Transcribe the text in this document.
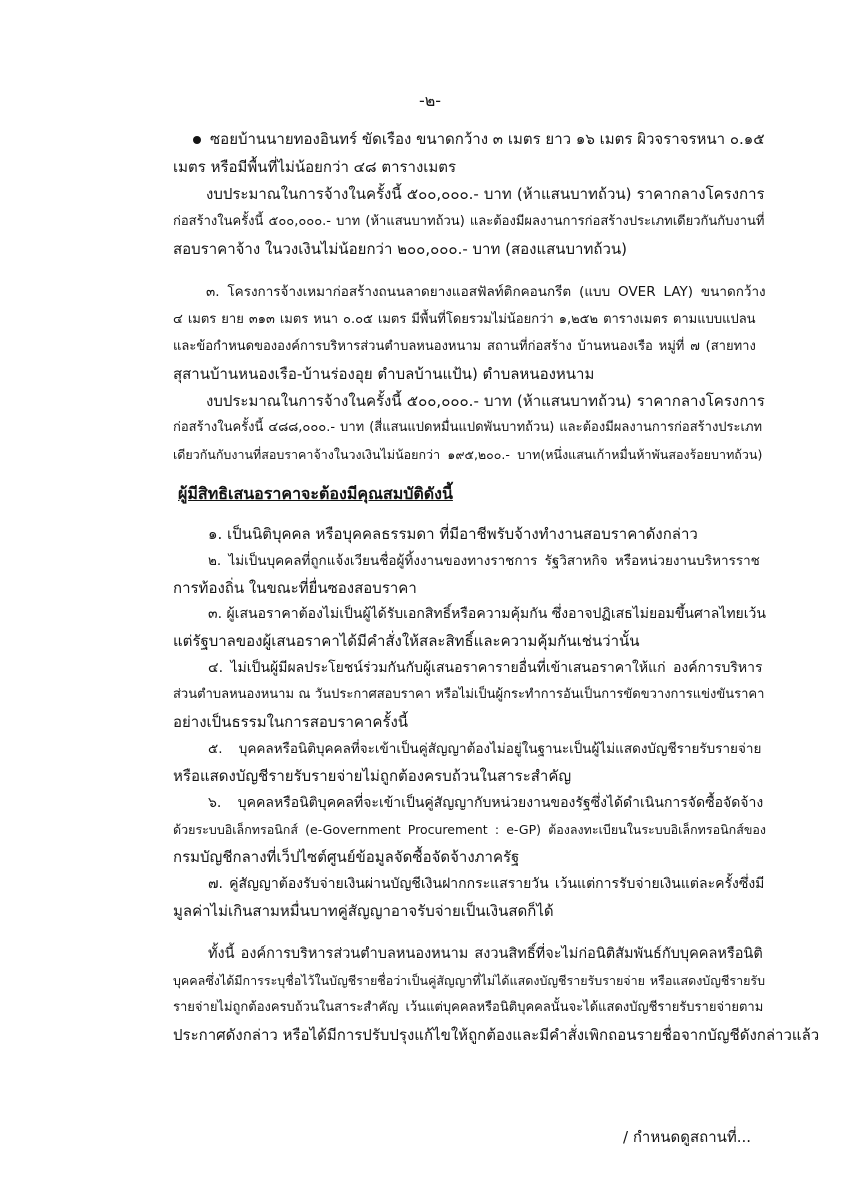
-๒-
ซอยบ้านนายทองอินทร์ ขัดเรือง ขนาดกว้าง ๓ เมตร ยาว ๑๖ เมตร ผิวจราจรหนา ๐.๑๕
เมตร หรือมีพื้นที่ไม่น้อยกว่า ๔๘ ตารางเมตร
งบประมาณในการจ้างในครั้งนี้ ๕๐๐,๐๐๐.- บาท (ห้าแสนบาทถ้วน) ราคากลางโครงการ
ก่อสร้างในครั้งนี้ ๕๐๐,๐๐๐.- บาท (ห้าแสนบาทถ้วน) และต้องมีผลงานการก่อสร้างประเภทเดียวกันกับงานที่
สอบราคาจ้าง ในวงเงินไม่น้อยกว่า ๒๐๐,๐๐๐.- บาท (สองแสนบาทถ้วน)
๓. โครงการจ้างเหมาก่อสร้างถนนลาดยางแอสฟัลท์ติกคอนกรีต (แบบ OVER LAY) ขนาดกว้าง
๔ เมตร ยาย ๓๑๓ เมตร หนา ๐.๐๕ เมตร มีพื้นที่โดยรวมไม่น้อยกว่า ๑,๒๕๒ ตารางเมตร ตามแบบแปลน
และข้อกำหนดขององค์การบริหารส่วนตำบลหนองหนาม สถานที่ก่อสร้าง บ้านหนองเรือ หมู่ที่ ๗ (สายทาง
สุสานบ้านหนองเรือ-บ้านร่องอุย ตำบลบ้านแป้น) ตำบลหนองหนาม
งบประมาณในการจ้างในครั้งนี้ ๕๐๐,๐๐๐.- บาท (ห้าแสนบาทถ้วน) ราคากลางโครงการ
ก่อสร้างในครั้งนี้ ๔๘๘,๐๐๐.- บาท (สี่แสนแปดหมื่นแปดพันบาทถ้วน) และต้องมีผลงานการก่อสร้างประเภท
เดียวกันกับงานที่สอบราคาจ้างในวงเงินไม่น้อยกว่า ๑๙๕,๒๐๐.- บาท(หนึ่งแสนเก้าหมื่นห้าพันสองร้อยบาทถ้วน)
ผู้มีสิทธิเสนอราคาจะต้องมีคุณสมบัติดังนี้
๑. เป็นนิติบุคคล หรือบุคคลธรรมดา ที่มีอาชีพรับจ้างทำงานสอบราคาดังกล่าว
๒. ไม่เป็นบุคคลที่ถูกแจ้งเวียนชื่อผู้ทิ้งงานของทางราชการ รัฐวิสาหกิจ หรือหน่วยงานบริหารราช
การท้องถิ่น ในขณะที่ยื่นซองสอบราคา
๓. ผู้เสนอราคาต้องไม่เป็นผู้ได้รับเอกสิทธิ์หรือความคุ้มกัน ซึ่งอาจปฏิเสธไม่ยอมขึ้นศาลไทยเว้น
แต่รัฐบาลของผู้เสนอราคาได้มีคำสั่งให้สละสิทธิ์และความคุ้มกันเช่นว่านั้น
๔. ไม่เป็นผู้มีผลประโยชน์ร่วมกันกับผู้เสนอราคารายอื่นที่เข้าเสนอราคาให้แก่ องค์การบริหาร
ส่วนตำบลหนองหนาม ณ วันประกาศสอบราคา หรือไม่เป็นผู้กระทำการอันเป็นการขัดขวางการแข่งขันราคา
อย่างเป็นธรรมในการสอบราคาครั้งนี้
๕. บุคคลหรือนิติบุคคลที่จะเข้าเป็นคู่สัญญาต้องไม่อยู่ในฐานะเป็นผู้ไม่แสดงบัญชีรายรับรายจ่าย
หรือแสดงบัญชีรายรับรายจ่ายไม่ถูกต้องครบถ้วนในสาระสำคัญ
๖. บุคคลหรือนิติบุคคลที่จะเข้าเป็นคู่สัญญากับหน่วยงานของรัฐซึ่งได้ดำเนินการจัดซื้อจัดจ้าง
ด้วยระบบอิเล็กทรอนิกส์ (e-Government Procurement : e-GP) ต้องลงทะเบียนในระบบอิเล็กทรอนิกส์ของ
กรมบัญชีกลางที่เว็ปไซต์ศูนย์ข้อมูลจัดซื้อจัดจ้างภาครัฐ
๗. คู่สัญญาต้องรับจ่ายเงินผ่านบัญชีเงินฝากกระแสรายวัน เว้นแต่การรับจ่ายเงินแต่ละครั้งซึ่งมี
มูลค่าไม่เกินสามหมื่นบาทคู่สัญญาอาจรับจ่ายเป็นเงินสดก็ได้
ทั้งนี้ องค์การบริหารส่วนตำบลหนองหนาม สงวนสิทธิ์ที่จะไม่ก่อนิติสัมพันธ์กับบุคคลหรือนิติ
บุคคลซึ่งได้มีการระบุชื่อไว้ในบัญชีรายชื่อว่าเป็นคู่สัญญาที่ไม่ได้แสดงบัญชีรายรับรายจ่าย หรือแสดงบัญชีรายรับ
รายจ่ายไม่ถูกต้องครบถ้วนในสาระสำคัญ เว้นแต่บุคคลหรือนิติบุคคลนั้นจะได้แสดงบัญชีรายรับรายจ่ายตาม
ประกาศดังกล่าว หรือได้มีการปรับปรุงแก้ไขให้ถูกต้องและมีคำสั่งเพิกถอนรายชื่อจากบัญชีดังกล่าวแล้ว
/ กำหนดดูสถานที่...
